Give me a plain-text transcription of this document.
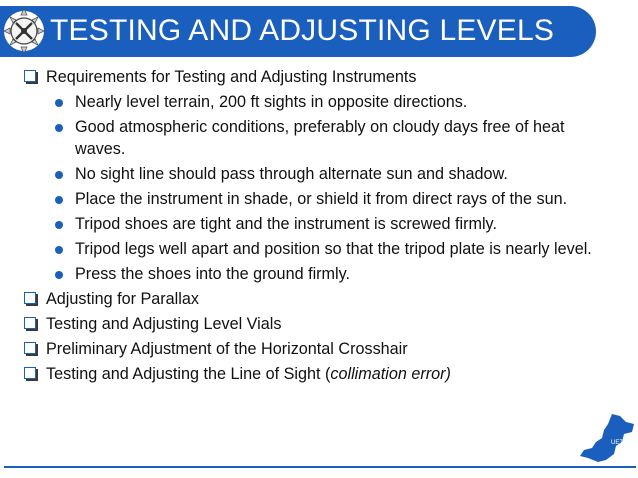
TESTING AND ADJUSTING LEVELS
Requirements for Testing and Adjusting Instruments
Nearly level terrain, 200 ft sights in opposite directions.
Good atmospheric conditions, preferably on cloudy days free of heat waves.
No sight line should pass through alternate sun and shadow.
Place the instrument in shade, or shield it from direct rays of the sun.
Tripod shoes are tight and the instrument is screwed firmly.
Tripod legs well apart and position so that the tripod plate is nearly level.
Press the shoes into the ground firmly.
Adjusting for Parallax
Testing and Adjusting Level Vials
Preliminary Adjustment of the Horizontal Crosshair
Testing and Adjusting the Line of Sight (collimation error)
UET
